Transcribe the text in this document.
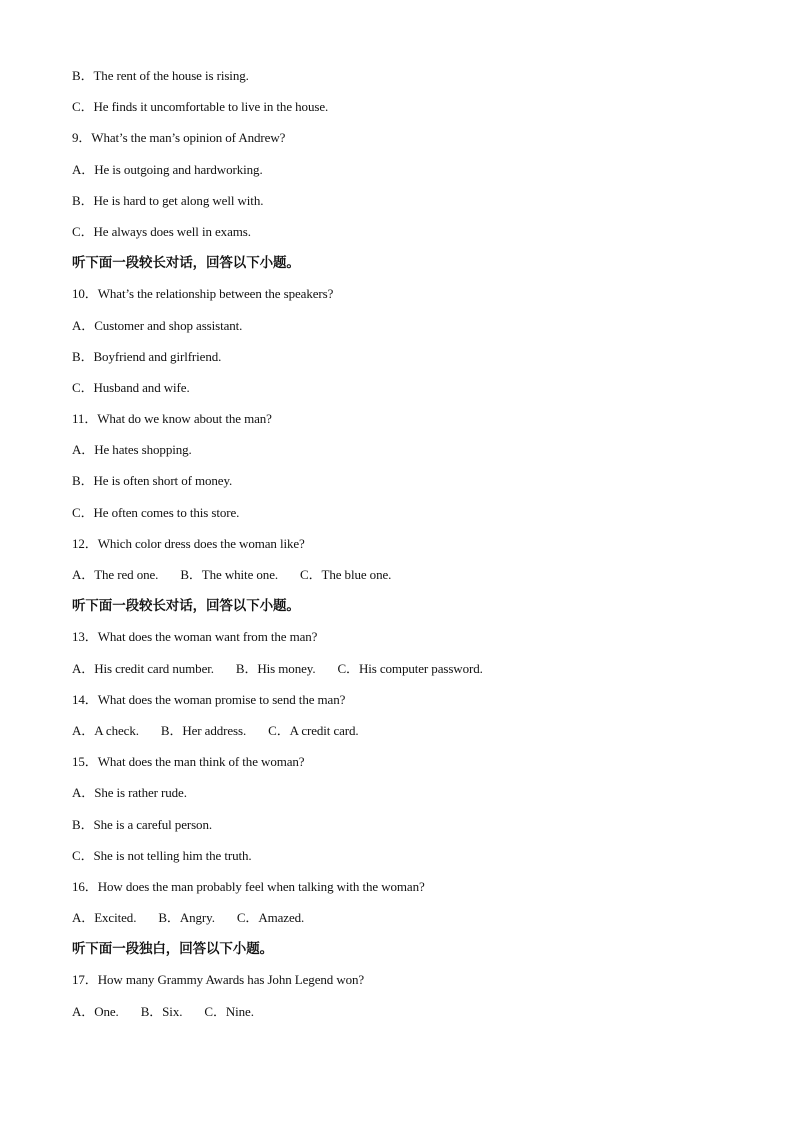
B．The rent of the house is rising.
C．He finds it uncomfortable to live in the house.
9．What’s the man’s opinion of Andrew?
A．He is outgoing and hardworking.
B．He is hard to get along well with.
C．He always does well in exams.
听下面一段较长对话，回答以下小题。
10．What’s the relationship between the speakers?
A．Customer and shop assistant.
B．Boyfriend and girlfriend.
C．Husband and wife.
11．What do we know about the man?
A．He hates shopping.
B．He is often short of money.
C．He often comes to this store.
12．Which color dress does the woman like?
A．The red one. B．The white one. C．The blue one.
听下面一段较长对话，回答以下小题。
13．What does the woman want from the man?
A．His credit card number. B．His money. C．His computer password.
14．What does the woman promise to send the man?
A．A check. B．Her address. C．A credit card.
15．What does the man think of the woman?
A．She is rather rude.
B．She is a careful person.
C．She is not telling him the truth.
16．How does the man probably feel when talking with the woman?
A．Excited. B．Angry. C．Amazed.
听下面一段独白，回答以下小题。
17．How many Grammy Awards has John Legend won?
A．One. B．Six. C．Nine.
